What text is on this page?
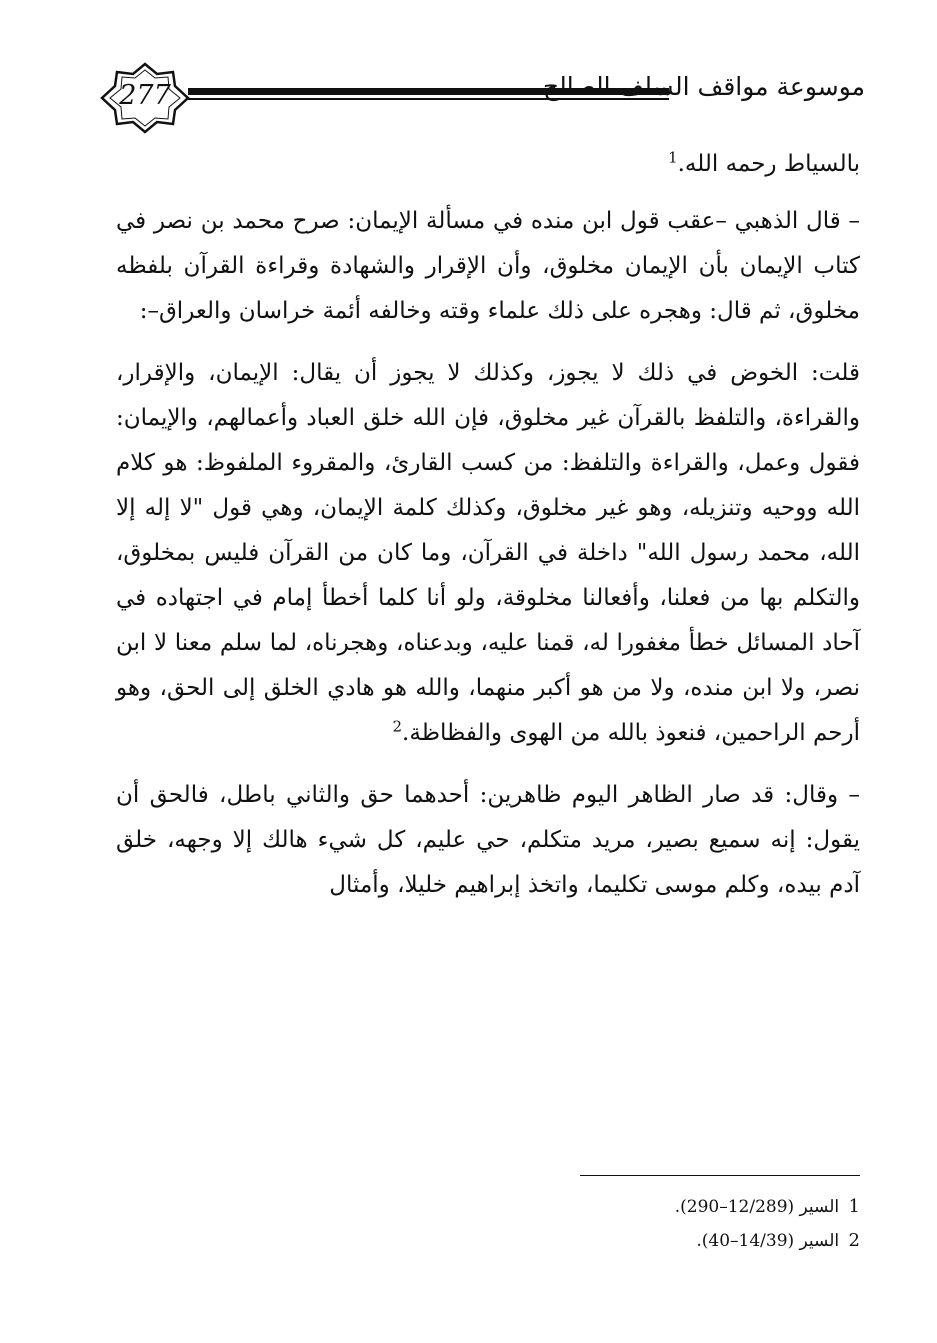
277	موسوعة مواقف السلف الصالح

بالسياط رحمه الله.$^1$

– قال الذهبي –عقب قول ابن منده في مسألة الإيمان: صرح محمد بن نصر في كتاب الإيمان بأن الإيمان مخلوق، وأن الإقرار والشهادة وقراءة القرآن بلفظه مخلوق، ثم قال: وهجره على ذلك علماء وقته وخالفه أئمة خراسان والعراق–:

قلت: الخوض في ذلك لا يجوز، وكذلك لا يجوز أن يقال: الإيمان، والإقرار، والقراءة، والتلفظ بالقرآن غير مخلوق، فإن الله خلق العباد وأعمالهم، والإيمان: فقول وعمل، والقراءة والتلفظ: من كسب القارئ، والمقروء الملفوظ: هو كلام الله ووحيه وتنزيله، وهو غير مخلوق، وكذلك كلمة الإيمان، وهي قول "لا إله إلا الله، محمد رسول الله" داخلة في القرآن، وما كان من القرآن فليس بمخلوق، والتكلم بها من فعلنا، وأفعالنا مخلوقة، ولو أنا كلما أخطأ إمام في اجتهاده في آحاد المسائل خطأ مغفورا له، قمنا عليه، وبدعناه، وهجرناه، لما سلم معنا لا ابن نصر، ولا ابن منده، ولا من هو أكبر منهما، والله هو هادي الخلق إلى الحق، وهو أرحم الراحمين، فنعوذ بالله من الهوى والفظاظة.$^2$

– وقال: قد صار الظاهر اليوم ظاهرين: أحدهما حق والثاني باطل، فالحق أن يقول: إنه سميع بصير، مريد متكلم، حي عليم، كل شيء هالك إلا وجهه، خلق آدم بيده، وكلم موسى تكليما، واتخذ إبراهيم خليلا، وأمثال

1 السير (12/289–290).
2 السير (14/39–40).
